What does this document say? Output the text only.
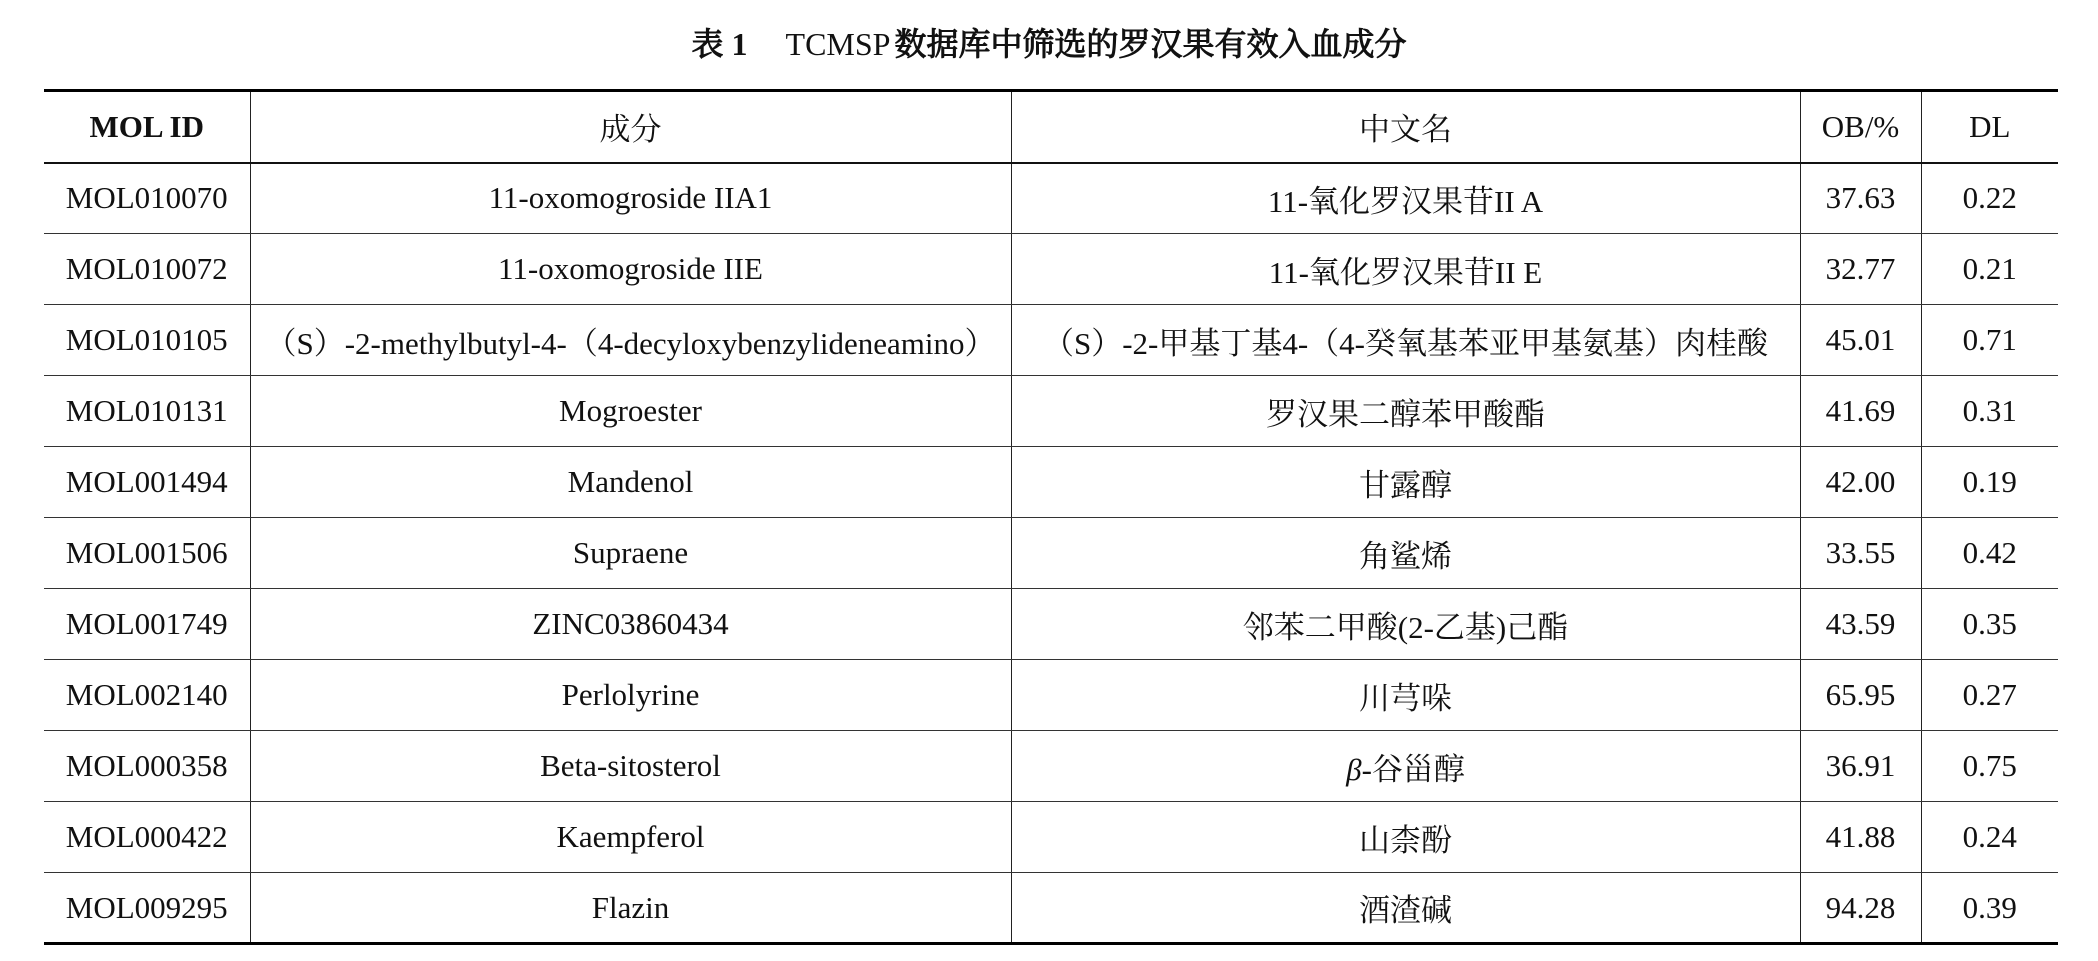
表 1 TCMSP 数据库中筛选的罗汉果有效入血成分
MOL ID	成分	中文名	OB/%	DL
MOL010070	11-oxomogroside IIA1	11-氧化罗汉果苷II A	37.63	0.22
MOL010072	11-oxomogroside IIE	11-氧化罗汉果苷II E	32.77	0.21
MOL010105	（S）-2-methylbutyl-4-（4-decyloxybenzylideneamino）	（S）-2-甲基丁基4-（4-癸氧基苯亚甲基氨基）肉桂酸	45.01	0.71
MOL010131	Mogroester	罗汉果二醇苯甲酸酯	41.69	0.31
MOL001494	Mandenol	甘露醇	42.00	0.19
MOL001506	Supraene	角鲨烯	33.55	0.42
MOL001749	ZINC03860434	邻苯二甲酸(2-乙基)己酯	43.59	0.35
MOL002140	Perlolyrine	川芎哚	65.95	0.27
MOL000358	Beta-sitosterol	β-谷甾醇	36.91	0.75
MOL000422	Kaempferol	山柰酚	41.88	0.24
MOL009295	Flazin	酒渣碱	94.28	0.39
